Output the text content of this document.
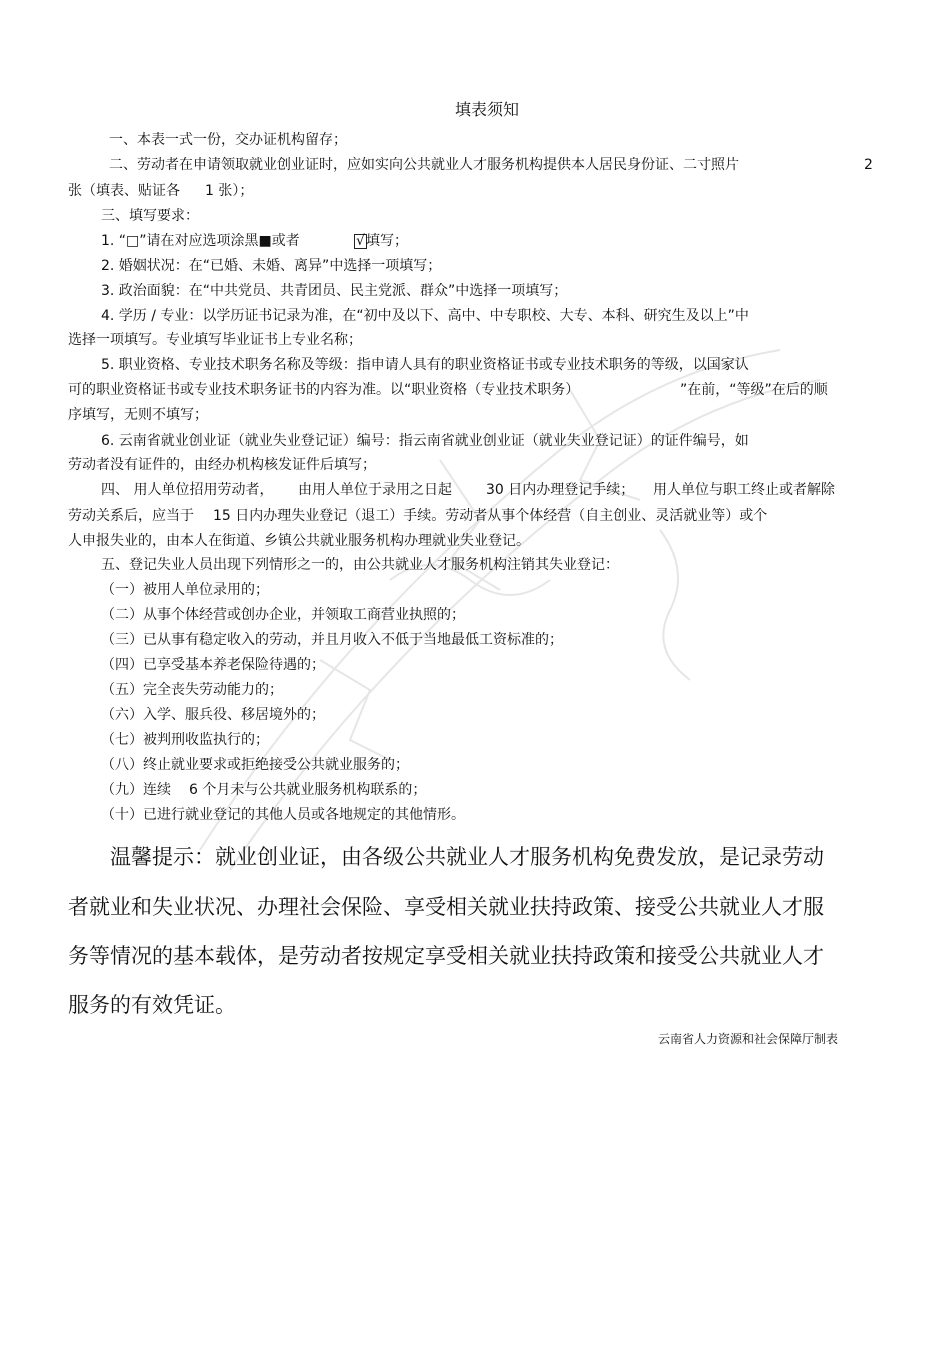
填表须知
一、本表一式一份，交办证机构留存；
二、劳动者在申请领取就业创业证时，应如实向公共就业人才服务机构提供本人居民身份证、二寸照片	2
张（填表、贴证各 1 张）；
三、填写要求：
1. “□”请在对应选项涂黑■或者	√ 填写；
2. 婚姻状况：在“已婚、未婚、离异”中选择一项填写；
3. 政治面貌：在“中共党员、共青团员、民主党派、群众”中选择一项填写；
4. 学历 / 专业：以学历证书记录为准，在“初中及以下、高中、中专职校、大专、本科、研究生及以上”中
选择一项填写。专业填写毕业证书上专业名称；
5. 职业资格、专业技术职务名称及等级：指申请人具有的职业资格证书或专业技术职务的等级，以国家认
可的职业资格证书或专业技术职务证书的内容为准。以“职业资格（专业技术职务）	”在前，“等级”在后的顺
序填写，无则不填写；
6. 云南省就业创业证（就业失业登记证）编号：指云南省就业创业证（就业失业登记证）的证件编号，如
劳动者没有证件的，由经办机构核发证件后填写；
四、 用人单位招用劳动者， 由用人单位于录用之日起 30 日内办理登记手续； 用人单位与职工终止或者解除
劳动关系后，应当于 15 日内办理失业登记（退工）手续。劳动者从事个体经营（自主创业、灵活就业等）或个
人申报失业的，由本人在街道、乡镇公共就业服务机构办理就业失业登记。
五、登记失业人员出现下列情形之一的，由公共就业人才服务机构注销其失业登记：
（一）被用人单位录用的；
（二）从事个体经营或创办企业，并领取工商营业执照的；
（三）已从事有稳定收入的劳动，并且月收入不低于当地最低工资标准的；
（四）已享受基本养老保险待遇的；
（五）完全丧失劳动能力的；
（六）入学、服兵役、移居境外的；
（七）被判刑收监执行的；
（八）终止就业要求或拒绝接受公共就业服务的；
（九）连续 6 个月未与公共就业服务机构联系的；
（十）已进行就业登记的其他人员或各地规定的其他情形。
温馨提示：就业创业证，由各级公共就业人才服务机构免费发放，是记录劳动
者就业和失业状况、办理社会保险、享受相关就业扶持政策、接受公共就业人才服
务等情况的基本载体，是劳动者按规定享受相关就业扶持政策和接受公共就业人才
服务的有效凭证。
云南省人力资源和社会保障厅制表
